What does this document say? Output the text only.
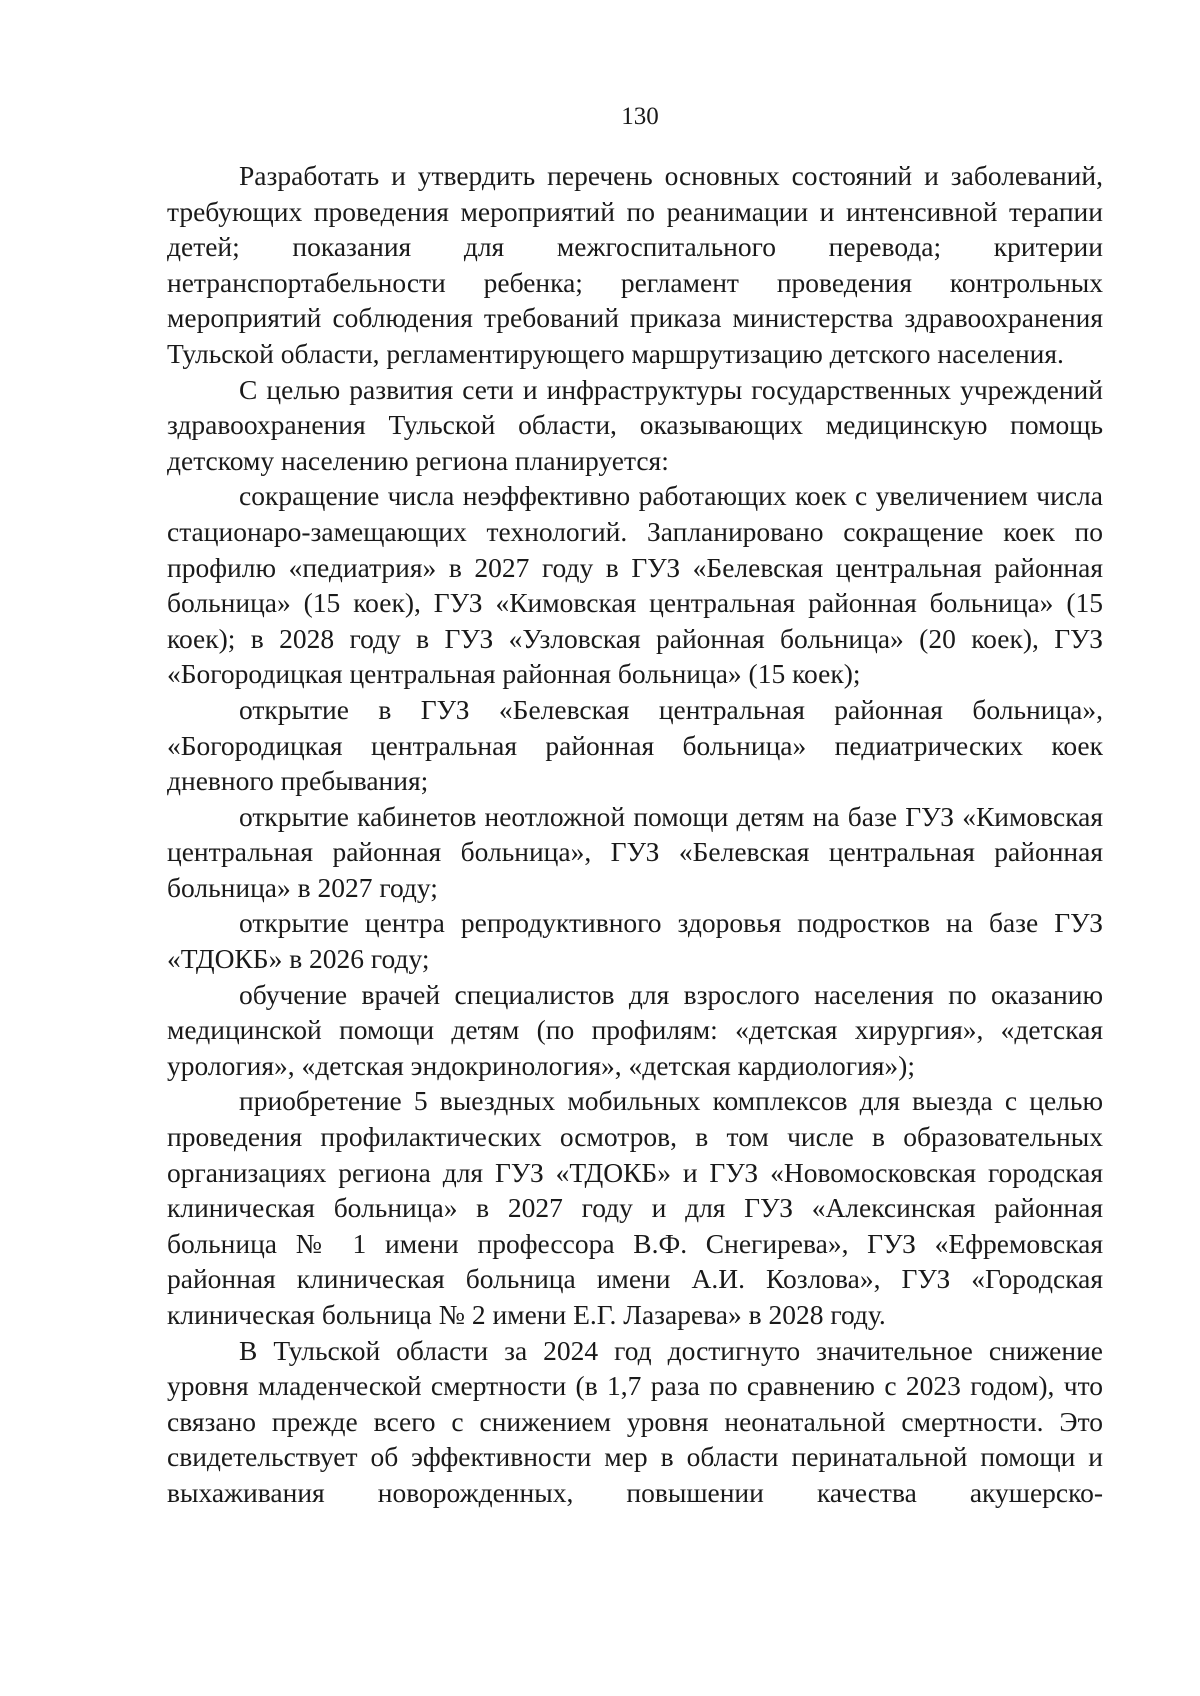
130

Разработать и утвердить перечень основных состояний и заболеваний, требующих проведения мероприятий по реанимации и интенсивной терапии детей; показания для межгоспитального перевода; критерии нетранспортабельности ребенка; регламент проведения контрольных мероприятий соблюдения требований приказа министерства здравоохранения Тульской области, регламентирующего маршрутизацию детского населения.

С целью развития сети и инфраструктуры государственных учреждений здравоохранения Тульской области, оказывающих медицинскую помощь детскому населению региона планируется:

сокращение числа неэффективно работающих коек с увеличением числа стационаро-замещающих технологий. Запланировано сокращение коек по профилю «педиатрия» в 2027 году в ГУЗ «Белевская центральная районная больница» (15 коек), ГУЗ «Кимовская центральная районная больница» (15 коек); в 2028 году в ГУЗ «Узловская районная больница» (20 коек), ГУЗ «Богородицкая центральная районная больница» (15 коек);

открытие в ГУЗ «Белевская центральная районная больница», «Богородицкая центральная районная больница» педиатрических коек дневного пребывания;

открытие кабинетов неотложной помощи детям на базе ГУЗ «Кимовская центральная районная больница», ГУЗ «Белевская центральная районная больница» в 2027 году;

открытие центра репродуктивного здоровья подростков на базе ГУЗ «ТДОКБ» в 2026 году;

обучение врачей специалистов для взрослого населения по оказанию медицинской помощи детям (по профилям: «детская хирургия», «детская урология», «детская эндокринология», «детская кардиология»);

приобретение 5 выездных мобильных комплексов для выезда с целью проведения профилактических осмотров, в том числе в образовательных организациях региона для ГУЗ «ТДОКБ» и ГУЗ «Новомосковская городская клиническая больница» в 2027 году и для ГУЗ «Алексинская районная больница № 1 имени профессора В.Ф. Снегирева», ГУЗ «Ефремовская районная клиническая больница имени А.И. Козлова», ГУЗ «Городская клиническая больница № 2 имени Е.Г. Лазарева» в 2028 году.

В Тульской области за 2024 год достигнуто значительное снижение уровня младенческой смертности (в 1,7 раза по сравнению с 2023 годом), что связано прежде всего с снижением уровня неонатальной смертности. Это свидетельствует об эффективности мер в области перинатальной помощи и выхаживания новорожденных, повышении качества акушерско-
